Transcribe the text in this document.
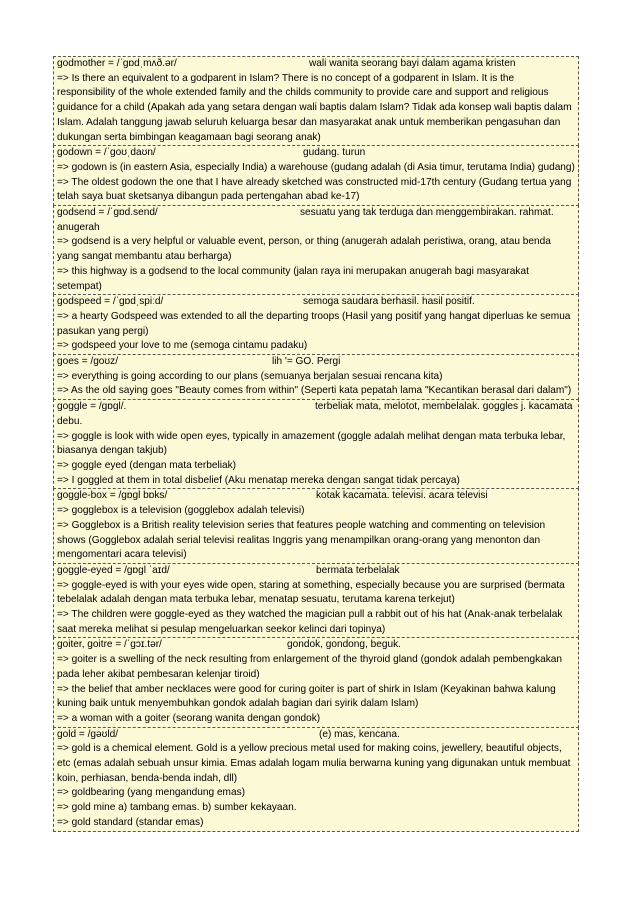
godmother = /ˈɡɒdˌmʌð.ər/	wali wanita seorang bayi dalam agama kristen
=> Is there an equivalent to a godparent in Islam? There is no concept of a godparent in Islam. It is the responsibility of the whole extended family and the childs community to provide care and support and religious guidance for a child (Apakah ada yang setara dengan wali baptis dalam Islam? Tidak ada konsep wali baptis dalam Islam. Adalah tanggung jawab seluruh keluarga besar dan masyarakat anak untuk memberikan pengasuhan dan dukungan serta bimbingan keagamaan bagi seorang anak)
godown = /ˈɡoʊˌdaʊn/	gudang. turun
=> godown is (in eastern Asia, especially India) a warehouse (gudang adalah (di Asia timur, terutama India) gudang)
=> The oldest godown the one that I have already sketched was constructed mid-17th century (Gudang tertua yang telah saya buat sketsanya dibangun pada pertengahan abad ke-17)
godsend = /ˈɡɒd.send/	sesuatu yang tak terduga dan menggembirakan. rahmat. anugerah
=> godsend is a very helpful or valuable event, person, or thing (anugerah adalah peristiwa, orang, atau benda yang sangat membantu atau berharga)
=> this highway is a godsend to the local community (jalan raya ini merupakan anugerah bagi masyarakat setempat)
godspeed = /ˈɡɒdˌspiːd/	semoga saudara berhasil. hasil positif.
=> a hearty Godspeed was extended to all the departing troops (Hasil yang positif yang hangat diperluas ke semua pasukan yang pergi)
=> godspeed your love to me (semoga cintamu padaku)
goes = /ɡoʊz/	lih '= GO. Pergi
=> everything is going according to our plans (semuanya berjalan sesuai rencana kita)
=> As the old saying goes "Beauty comes from within" (Seperti kata pepatah lama "Kecantikan berasal dari dalam")
goggle = /ɡɒɡl/.	terbeliak mata, melotot, membelalak. goggles j. kacamata debu.
=> goggle is look with wide open eyes, typically in amazement (goggle adalah melihat dengan mata terbuka lebar, biasanya dengan takjub)
=> goggle eyed (dengan mata terbeliak)
=> I goggled at them in total disbelief (Aku menatap mereka dengan sangat tidak percaya)
goggle-box = /ɡɒɡl bɒks/	kotak kacamata. televisi. acara televisi
=> gogglebox is a television (gogglebox adalah televisi)
=> Gogglebox is a British reality television series that features people watching and commenting on television shows (Gogglebox adalah serial televisi realitas Inggris yang menampilkan orang-orang yang menonton dan mengomentari acara televisi)
goggle-eyed = /ɡɒɡl ˈaɪd/	bermata terbelalak
=> goggle-eyed is with your eyes wide open, staring at something, especially because you are surprised (bermata tebelalak adalah dengan mata terbuka lebar, menatap sesuatu, terutama karena terkejut)
=> The children were goggle-eyed as they watched the magician pull a rabbit out of his hat (Anak-anak terbelalak saat mereka melihat si pesulap mengeluarkan seekor kelinci dari topinya)
goiter, goitre = /ˈɡɔɪ.tər/	gondok, gondong, beguk.
=> goiter is a swelling of the neck resulting from enlargement of the thyroid gland (gondok adalah pembengkakan pada leher akibat pembesaran kelenjar tiroid)
=> the belief that amber necklaces were good for curing goiter is part of shirk in Islam (Keyakinan bahwa kalung kuning baik untuk menyembuhkan gondok adalah bagian dari syirik dalam Islam)
=> a woman with a goiter (seorang wanita dengan gondok)
gold = /ɡəʊld/	(e) mas, kencana.
=> gold is a chemical element. Gold is a yellow precious metal used for making coins, jewellery, beautiful objects, etc (emas adalah sebuah unsur kimia. Emas adalah logam mulia berwarna kuning yang digunakan untuk membuat koin, perhiasan, benda-benda indah, dll)
=> goldbearing (yang mengandung emas)
=> gold mine a) tambang emas. b) sumber kekayaan.
=> gold standard (standar emas)
